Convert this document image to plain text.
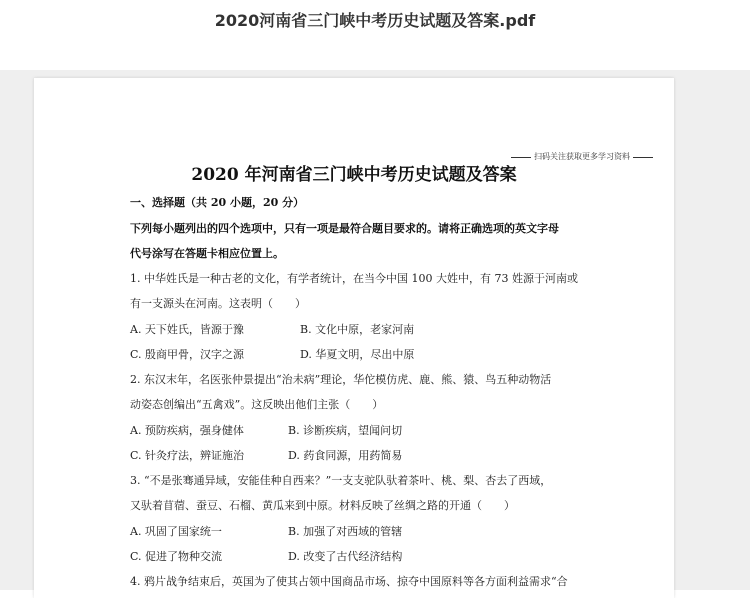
2020河南省三门峡中考历史试题及答案.pdf
扫码关注获取更多学习资料
2020 年河南省三门峡中考历史试题及答案
一、选择题（共 20 小题，20 分）
下列每小题列出的四个选项中，只有一项是最符合题目要求的。请将正确选项的英文字母
代号涂写在答题卡相应位置上。
1. 中华姓氏是一种古老的文化，有学者统计，在当今中国 100 大姓中，有 73 姓源于河南或
有一支源头在河南。这表明（　　）
A. 天下姓氏，皆源于豫	B. 文化中原，老家河南
C. 殷商甲骨，汉字之源	D. 华夏文明，尽出中原
2. 东汉末年，名医张仲景提出“治未病”理论，华佗模仿虎、鹿、熊、猿、鸟五种动物活
动姿态创编出“五禽戏”。这反映出他们主张（　　）
A. 预防疾病，强身健体	B. 诊断疾病，望闻问切
C. 针灸疗法，辨证施治	D. 药食同源，用药简易
3. “不是张骞通异域，安能佳种自西来？”一支支驼队驮着茶叶、桃、梨、杏去了西域，
又驮着苜蓿、蚕豆、石榴、黄瓜来到中原。材料反映了丝绸之路的开通（　　）
A. 巩固了国家统一	B. 加强了对西域的管辖
C. 促进了物种交流	D. 改变了古代经济结构
4. 鸦片战争结束后，英国为了使其占领中国商品市场、掠夺中国原料等各方面利益需求“合
